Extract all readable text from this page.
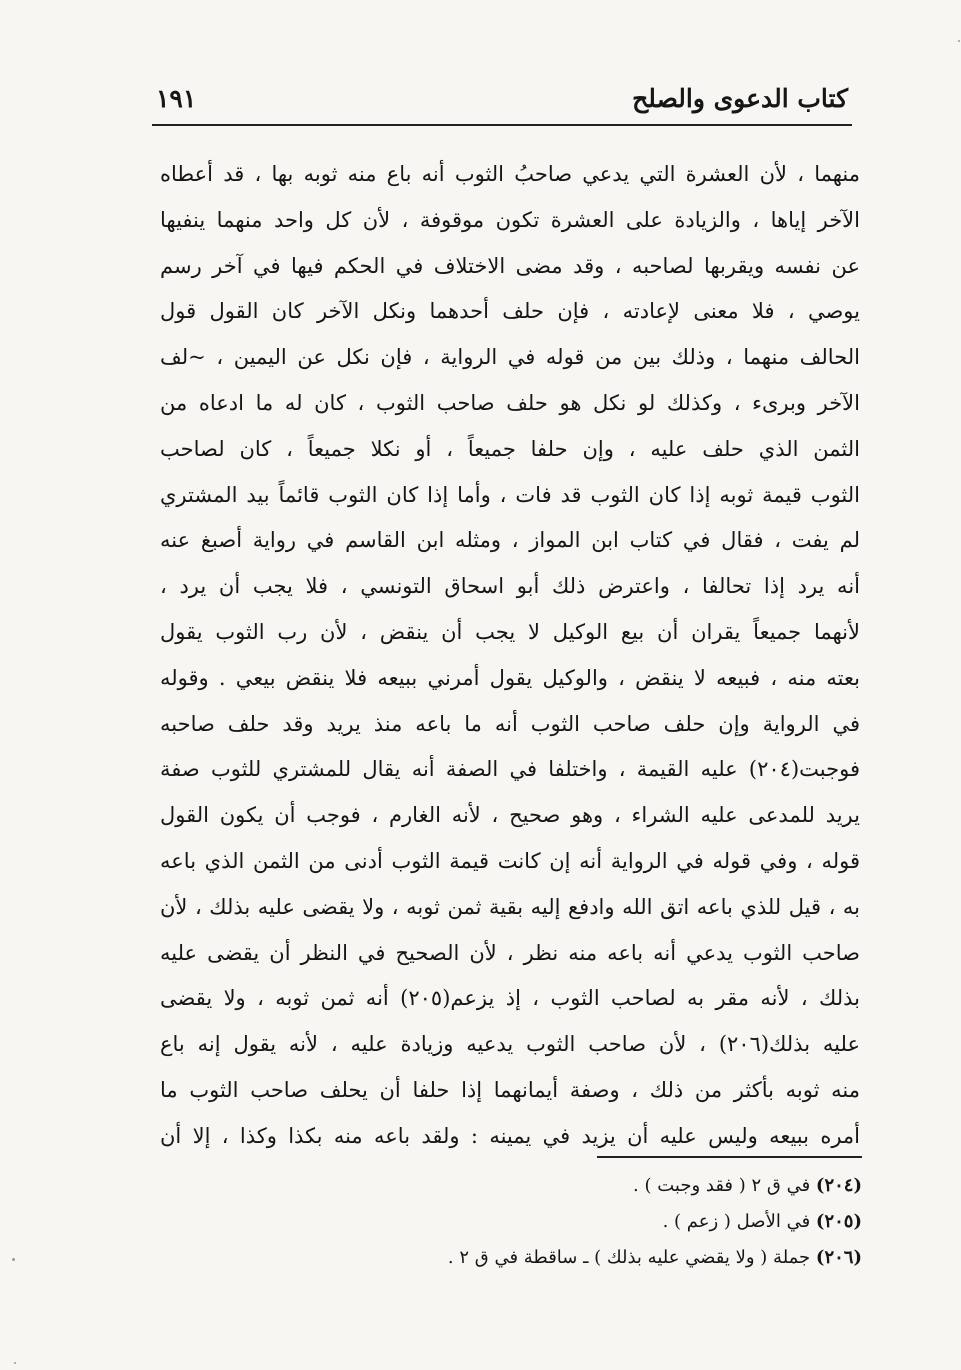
كتاب الدعوى والصلح
١٩١
منهما ، لأن العشرة التي يدعي صاحبُ الثوب أنه باع منه ثوبه بها ، قد أعطاه
الآخر إياها ، والزيادة على العشرة تكون موقوفة ، لأن كل واحد منهما ينفيها
عن نفسه ويقربها لصاحبه ، وقد مضى الاختلاف في الحكم فيها في آخر رسم
يوصي ، فلا معنى لإعادته ، فإن حلف أحدهما ونكل الآخر كان القول قول
الحالف منهما ، وذلك بين من قوله في الرواية ، فإن نكل عن اليمين ، ~لف
الآخر وبرىء ، وكذلك لو نكل هو حلف صاحب الثوب ، كان له ما ادعاه من
الثمن الذي حلف عليه ، وإن حلفا جميعاً ، أو نكلا جميعاً ، كان لصاحب
الثوب قيمة ثوبه إذا كان الثوب قد فات ، وأما إذا كان الثوب قائماً بيد المشتري
لم يفت ، فقال في كتاب ابن المواز ، ومثله ابن القاسم في رواية أصبغ عنه
أنه يرد إذا تحالفا ، واعترض ذلك أبو اسحاق التونسي ، فلا يجب أن يرد ،
لأنهما جميعاً يقران أن بيع الوكيل لا يجب أن ينقض ، لأن رب الثوب يقول
بعته منه ، فبيعه لا ينقض ، والوكيل يقول أمرني ببيعه فلا ينقض بيعي . وقوله
في الرواية وإن حلف صاحب الثوب أنه ما باعه منذ يريد وقد حلف صاحبه
فوجبت(٢٠٤) عليه القيمة ، واختلفا في الصفة أنه يقال للمشتري للثوب صفة
يريد للمدعى عليه الشراء ، وهو صحيح ، لأنه الغارم ، فوجب أن يكون القول
قوله ، وفي قوله في الرواية أنه إن كانت قيمة الثوب أدنى من الثمن الذي باعه
به ، قيل للذي باعه اتق الله وادفع إليه بقية ثمن ثوبه ، ولا يقضى عليه بذلك ، لأن
صاحب الثوب يدعي أنه باعه منه نظر ، لأن الصحيح في النظر أن يقضى عليه
بذلك ، لأنه مقر به لصاحب الثوب ، إذ يزعم(٢٠٥) أنه ثمن ثوبه ، ولا يقضى
عليه بذلك(٢٠٦) ، لأن صاحب الثوب يدعيه وزيادة عليه ، لأنه يقول إنه باع
منه ثوبه بأكثر من ذلك ، وصفة أيمانهما إذا حلفا أن يحلف صاحب الثوب ما
أمره ببيعه وليس عليه أن يزيد في يمينه : ولقد باعه منه بكذا وكذا ، إلا أن
(٢٠٤) في ق ٢ ( فقد وجبت ) .
(٢٠٥) في الأصل ( زعم ) .
(٢٠٦) جملة ( ولا يقضي عليه بذلك ) ـ ساقطة في ق ٢ .
